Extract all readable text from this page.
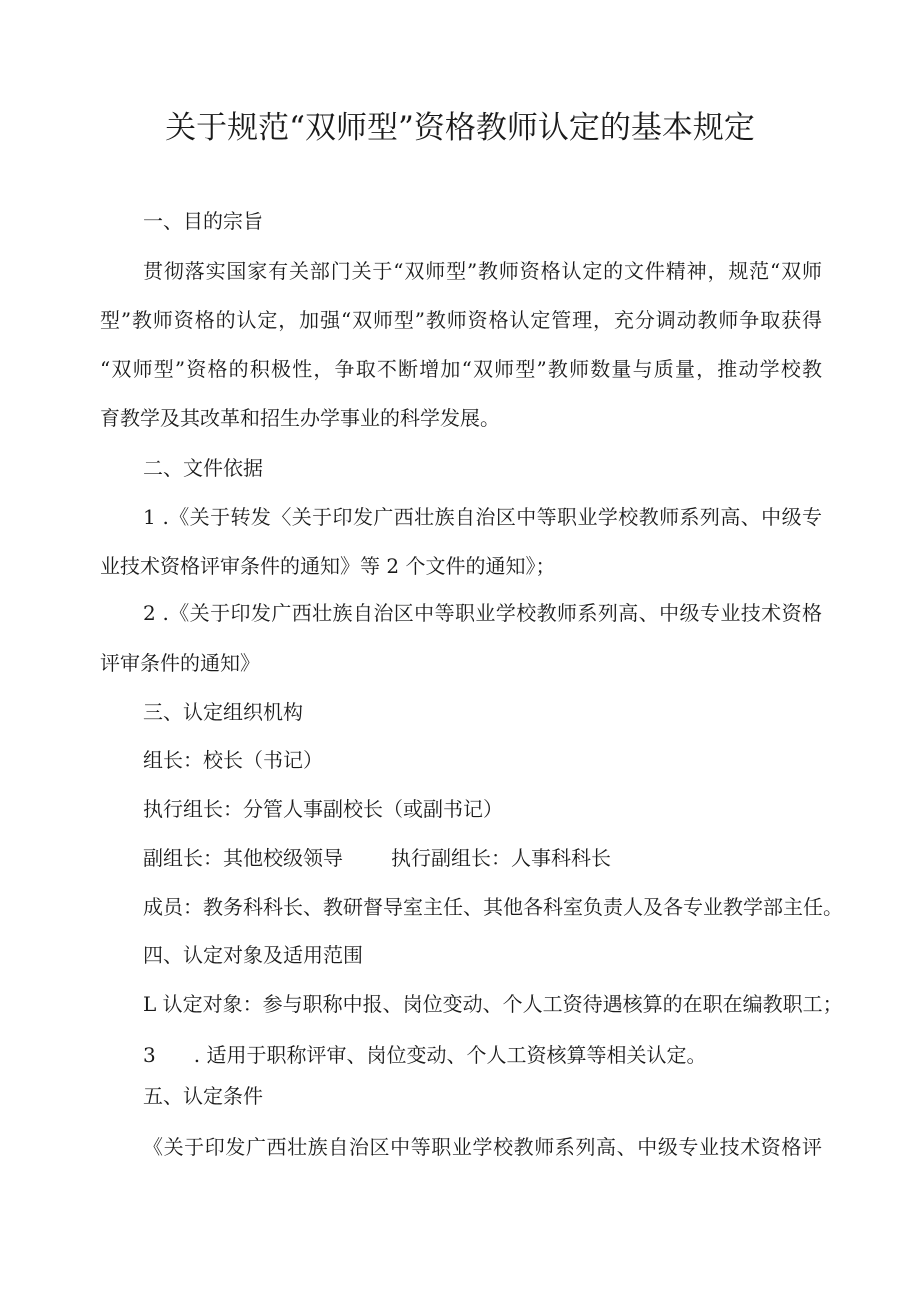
关于规范“双师型”资格教师认定的基本规定
一、目的宗旨
贯彻落实国家有关部门关于“双师型”教师资格认定的文件精神，规范“双师
型”教师资格的认定，加强“双师型”教师资格认定管理，充分调动教师争取获得
“双师型”资格的积极性，争取不断增加“双师型”教师数量与质量，推动学校教
育教学及其改革和招生办学事业的科学发展。
二、文件依据
1 .《关于转发〈关于印发广西壮族自治区中等职业学校教师系列高、中级专
业技术资格评审条件的通知》等 2 个文件的通知》；
2 .《关于印发广西壮族自治区中等职业学校教师系列高、中级专业技术资格
评审条件的通知》
三、认定组织机构
组长：校长（书记）
执行组长：分管人事副校长（或副书记）
副组长：其他校级领导 执行副组长：人事科科长
成员：教务科科长、教研督导室主任、其他各科室负责人及各专业教学部主任。
四、认定对象及适用范围
L 认定对象：参与职称中报、岗位变动、个人工资待遇核算的在职在编教职工；
3 . 适用于职称评审、岗位变动、个人工资核算等相关认定。
五、认定条件
《关于印发广西壮族自治区中等职业学校教师系列高、中级专业技术资格评
